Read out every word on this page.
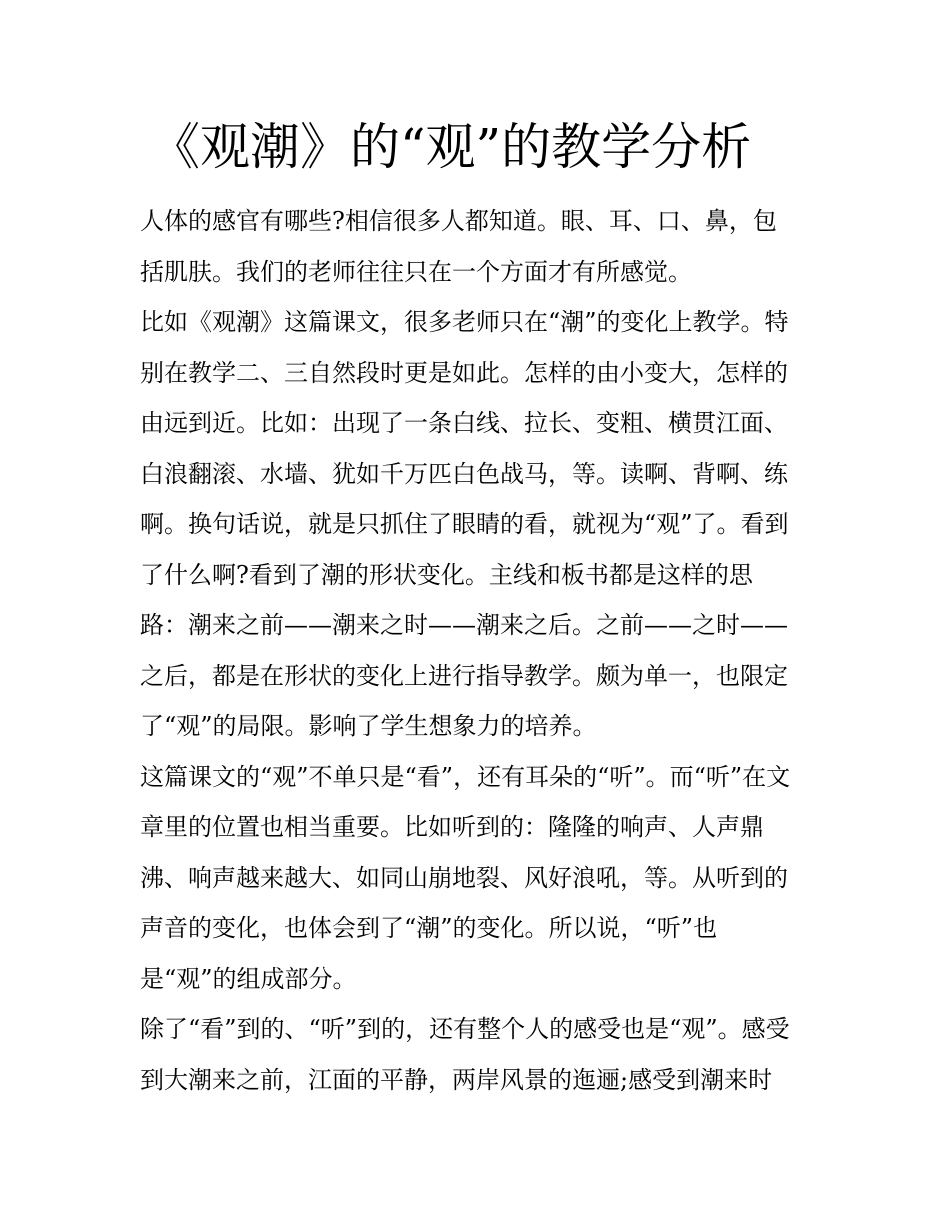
《观潮》的“观”的教学分析
人体的感官有哪些?相信很多人都知道。眼、耳、口、鼻，包
括肌肤。我们的老师往往只在一个方面才有所感觉。
比如《观潮》这篇课文，很多老师只在“潮”的变化上教学。特
别在教学二、三自然段时更是如此。怎样的由小变大，怎样的
由远到近。比如：出现了一条白线、拉长、变粗、横贯江面、
白浪翻滚、水墙、犹如千万匹白色战马，等。读啊、背啊、练
啊。换句话说，就是只抓住了眼睛的看，就视为“观”了。看到
了什么啊?看到了潮的形状变化。主线和板书都是这样的思
路：潮来之前——潮来之时——潮来之后。之前——之时——
之后，都是在形状的变化上进行指导教学。颇为单一，也限定
了“观”的局限。影响了学生想象力的培养。
这篇课文的“观”不单只是“看”，还有耳朵的“听”。而“听”在文
章里的位置也相当重要。比如听到的：隆隆的响声、人声鼎
沸、响声越来越大、如同山崩地裂、风好浪吼，等。从听到的
声音的变化，也体会到了“潮”的变化。所以说，“听”也
是“观”的组成部分。
除了“看”到的、“听”到的，还有整个人的感受也是“观”。感受
到大潮来之前，江面的平静，两岸风景的迤逦;感受到潮来时
